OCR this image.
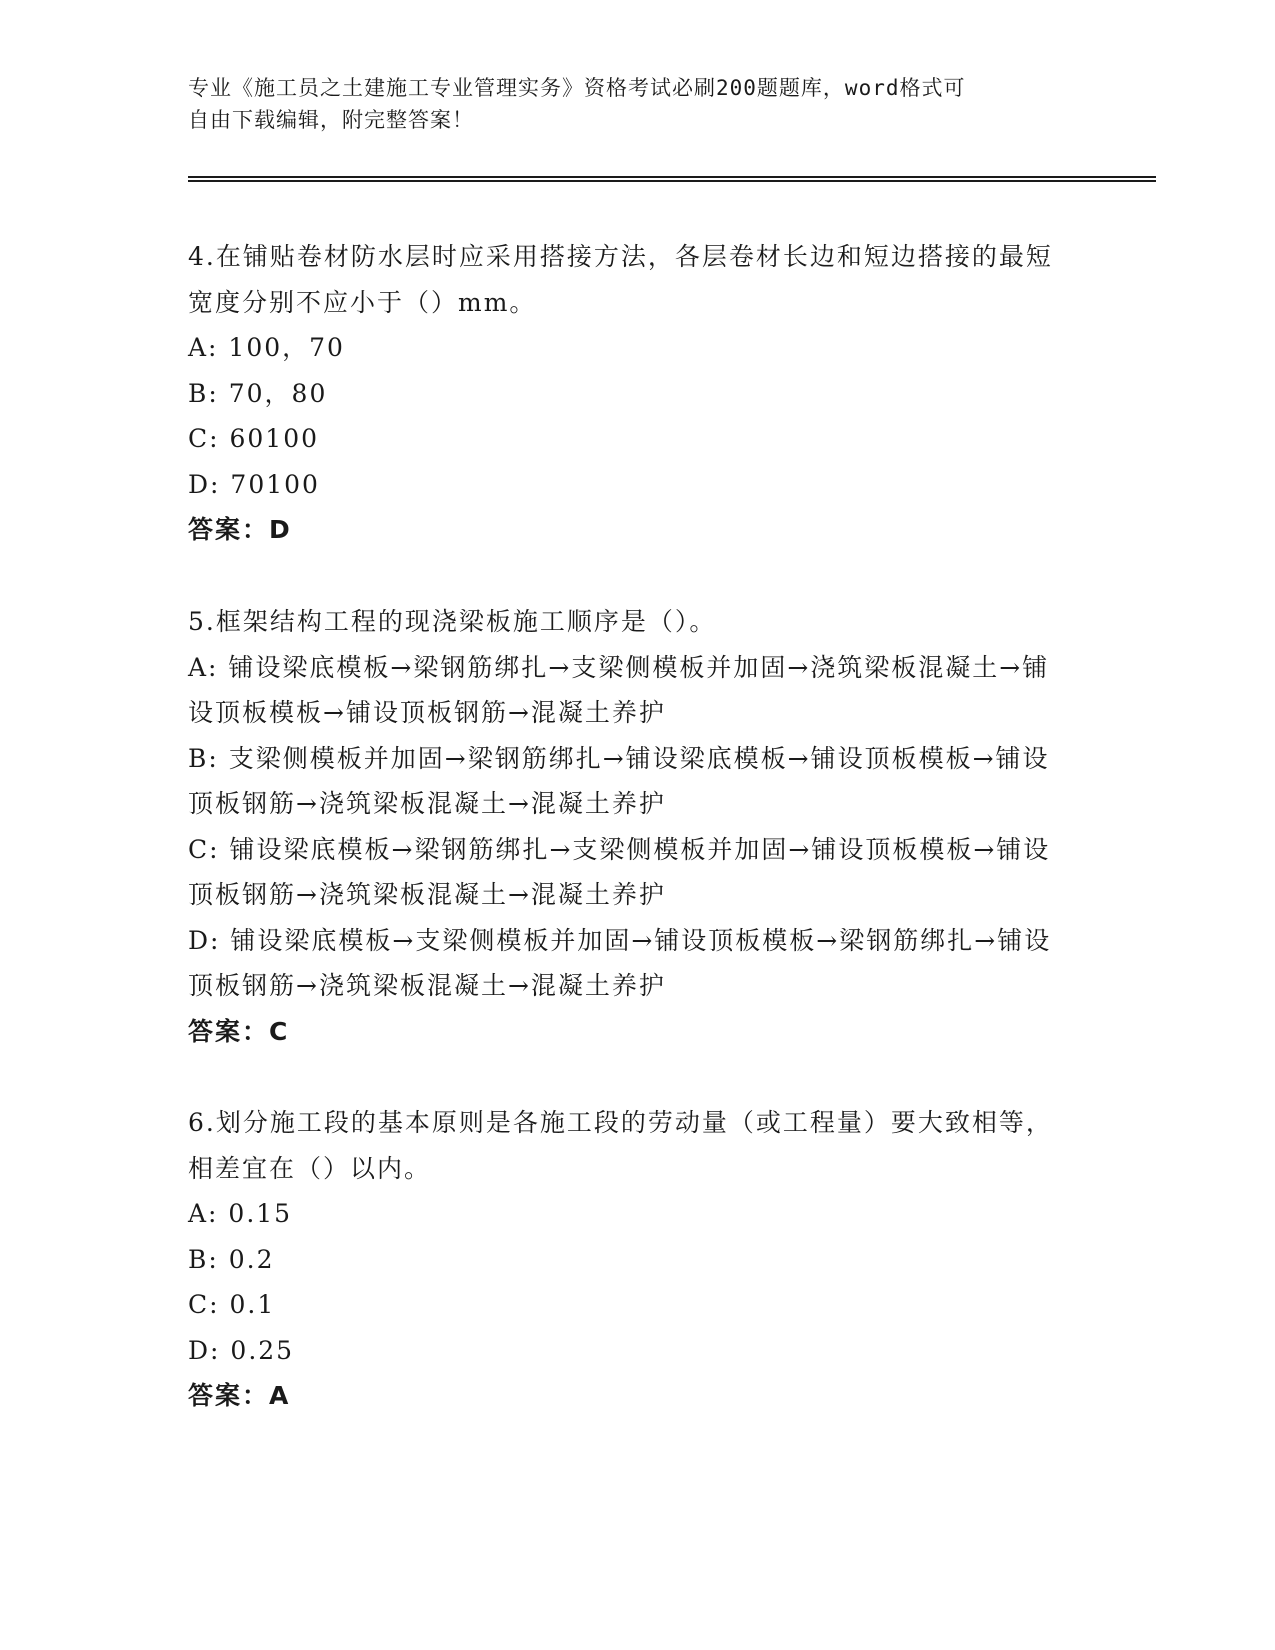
专业《施工员之土建施工专业管理实务》资格考试必刷200题题库，word格式可
自由下载编辑，附完整答案！

4.在铺贴卷材防水层时应采用搭接方法，各层卷材长边和短边搭接的最短宽度分别不应小于（）mm。

A: 100，70

B: 70，80

C: 60100

D: 70100

答案：D

5.框架结构工程的现浇梁板施工顺序是（）。

A: 铺设梁底模板→梁钢筋绑扎→支梁侧模板并加固→浇筑梁板混凝土→铺设顶板模板→铺设顶板钢筋→混凝土养护

B: 支梁侧模板并加固→梁钢筋绑扎→铺设梁底模板→铺设顶板模板→铺设顶板钢筋→浇筑梁板混凝土→混凝土养护

C: 铺设梁底模板→梁钢筋绑扎→支梁侧模板并加固→铺设顶板模板→铺设顶板钢筋→浇筑梁板混凝土→混凝土养护

D: 铺设梁底模板→支梁侧模板并加固→铺设顶板模板→梁钢筋绑扎→铺设顶板钢筋→浇筑梁板混凝土→混凝土养护

答案：C

6.划分施工段的基本原则是各施工段的劳动量（或工程量）要大致相等，相差宜在（）以内。

A: 0.15

B: 0.2

C: 0.1

D: 0.25

答案：A
